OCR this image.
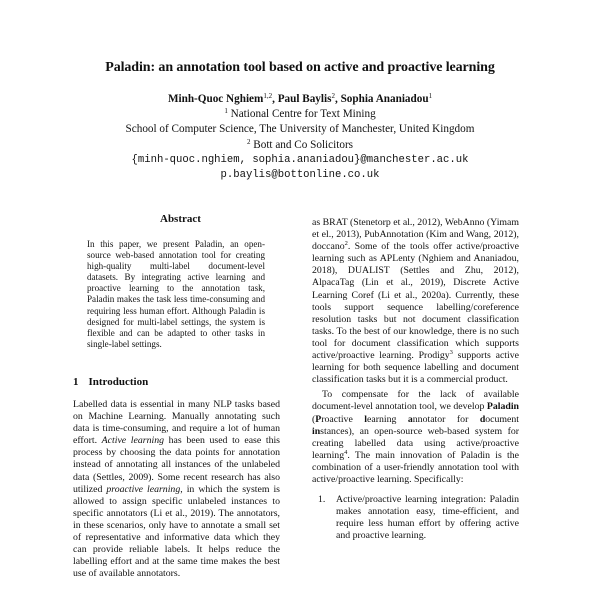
Paladin: an annotation tool based on active and proactive learning
Minh-Quoc Nghiem$^{1,2}$, Paul Baylis$^2$, Sophia Ananiadou$^1$
$^1$ National Centre for Text Mining
School of Computer Science, The University of Manchester, United Kingdom
$^2$ Bott and Co Solicitors
{minh-quoc.nghiem, sophia.ananiadou}@manchester.ac.uk
p.baylis@bottonline.co.uk
Abstract
In this paper, we present Paladin, an open-source web-based annotation tool for creating high-quality multi-label document-level datasets. By integrating active learning and proactive learning to the annotation task, Paladin makes the task less time-consuming and requiring less human effort. Although Paladin is designed for multi-label settings, the system is flexible and can be adapted to other tasks in single-label settings.
1 Introduction

Labelled data is essential in many NLP tasks based on Machine Learning. Manually annotating such data is time-consuming, and require a lot of human effort. Active learning has been used to ease this process by choosing the data points for annotation instead of annotating all instances of the unlabeled data (Settles, 2009). Some recent research has also utilized proactive learning, in which the system is allowed to assign specific unlabeled instances to specific annotators (Li et al., 2019). The annotators, in these scenarios, only have to annotate a small set of representative and informative data which they can provide reliable labels. It helps reduce the labelling effort and at the same time makes the best use of available annotators.

as BRAT (Stenetorp et al., 2012), WebAnno (Yimam et el., 2013), PubAnnotation (Kim and Wang, 2012), doccano$^2$. Some of the tools offer active/proactive learning such as APLenty (Nghiem and Ananiadou, 2018), DUALIST (Settles and Zhu, 2012), AlpacaTag (Lin et al., 2019), Discrete Active Learning Coref (Li et al., 2020a). Currently, these tools support sequence labelling/coreference resolution tasks but not document classification tasks. To the best of our knowledge, there is no such tool for document classification which supports active/proactive learning. Prodigy$^3$ supports active learning for both sequence labelling and document classification tasks but it is a commercial product.

To compensate for the lack of available document-level annotation tool, we develop Paladin (Proactive learning annotator for document instances), an open-source web-based system for creating labelled data using active/proactive learning$^4$. The main innovation of Paladin is the combination of a user-friendly annotation tool with active/proactive learning. Specifically:

1.	Active/proactive learning integration: Paladin makes annotation easy, time-efficient, and require less human effort by offering active and proactive learning.
